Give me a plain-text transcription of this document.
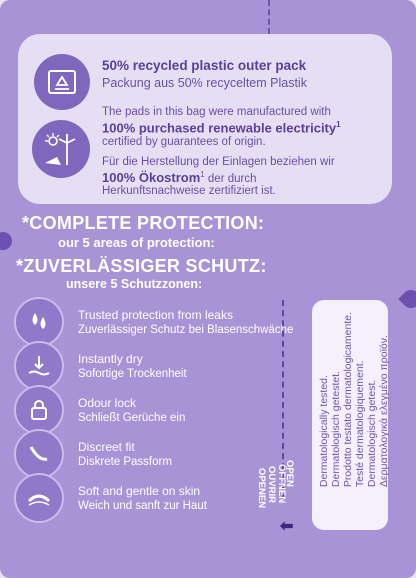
50% recycled plastic outer pack
Packung aus 50% recyceltem Plastik
The pads in this bag were manufactured with
100% purchased renewable electricity$^1$
certified by guarantees of origin.
Für die Herstellung der Einlagen beziehen wir
100% Ökostrom$^1$ der durch
Herkunftsnachweise zertifiziert ist.
*COMPLETE PROTECTION:
our 5 areas of protection:
*ZUVERLÄSSIGER SCHUTZ:
unsere 5 Schutzzonen:
Trusted protection from leaks
Zuverlässiger Schutz bei Blasenschwäche
Instantly dry
Sofortige Trockenheit
Odour lock
Schließt Gerüche ein
Discreet fit
Diskrete Passform
Soft and gentle on skin
Weich und sanft zur Haut
OPEN
ÖFFNEN
OUVRIR
OPENEN
⬅
Dermatologically tested. Dermatologisch getestet. Prodotto testato dermatologicamente. Testé dermatologiquement. Dermatologisch getest. Δερματολογικά ελεγμένο προϊόν.
